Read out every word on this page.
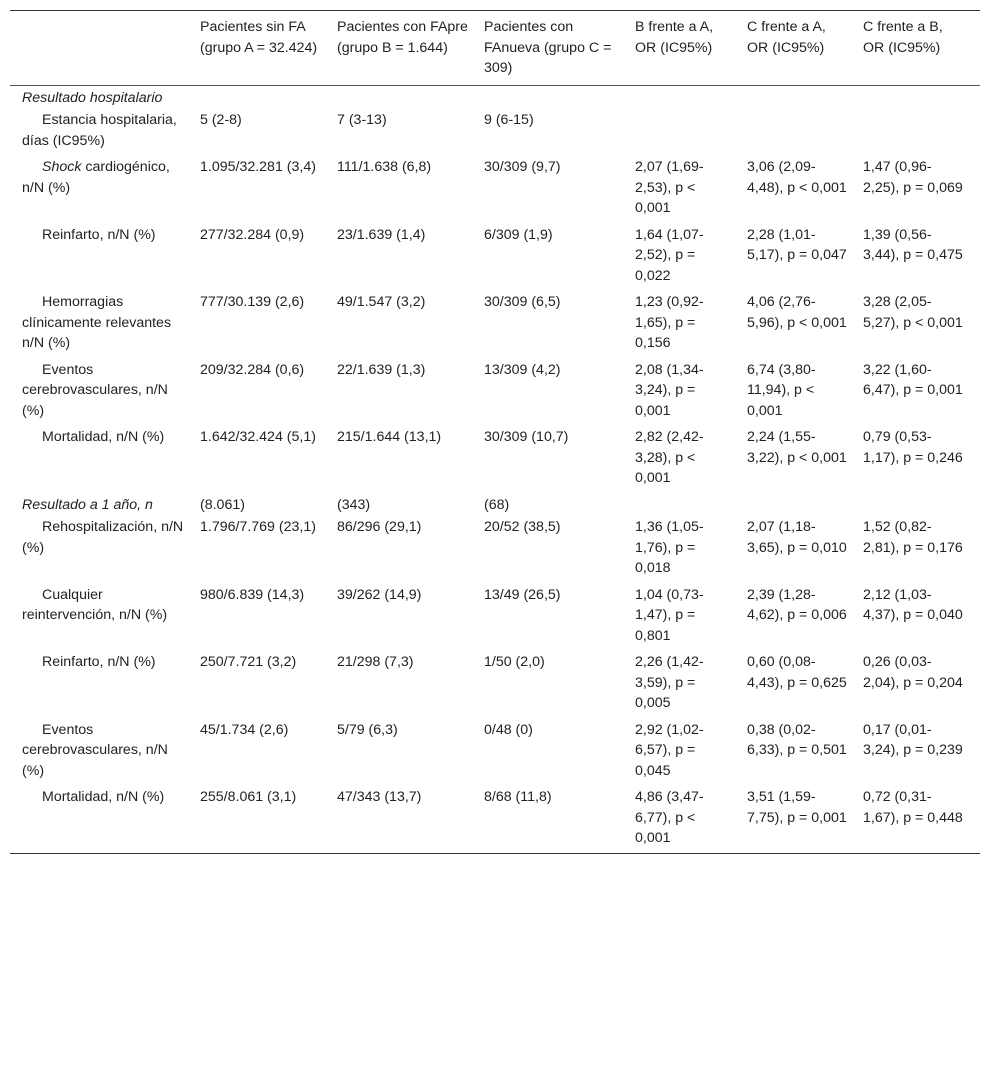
	Pacientes sin FA (grupo A = 32.424)	Pacientes con FApre (grupo B = 1.644)	Pacientes con FAnueva (grupo C = 309)	B frente a A, OR (IC95%)	C frente a A, OR (IC95%)	C frente a B, OR (IC95%)
Resultado hospitalario						
Estancia hospitalaria, días (IC95%)	5 (2-8)	7 (3-13)	9 (6-15)			
Shock cardiogénico, n/N (%)	1.095/32.281 (3,4)	111/1.638 (6,8)	30/309 (9,7)	2,07 (1,69-2,53), p < 0,001	3,06 (2,09-4,48), p < 0,001	1,47 (0,96-2,25), p = 0,069
Reinfarto, n/N (%)	277/32.284 (0,9)	23/1.639 (1,4)	6/309 (1,9)	1,64 (1,07-2,52), p = 0,022	2,28 (1,01-5,17), p = 0,047	1,39 (0,56-3,44), p = 0,475
Hemorragias clínicamente relevantes n/N (%)	777/30.139 (2,6)	49/1.547 (3,2)	30/309 (6,5)	1,23 (0,92-1,65), p = 0,156	4,06 (2,76-5,96), p < 0,001	3,28 (2,05-5,27), p < 0,001
Eventos cerebrovasculares, n/N (%)	209/32.284 (0,6)	22/1.639 (1,3)	13/309 (4,2)	2,08 (1,34-3,24), p = 0,001	6,74 (3,80-11,94), p < 0,001	3,22 (1,60-6,47), p = 0,001
Mortalidad, n/N (%)	1.642/32.424 (5,1)	215/1.644 (13,1)	30/309 (10,7)	2,82 (2,42-3,28), p < 0,001	2,24 (1,55-3,22), p < 0,001	0,79 (0,53-1,17), p = 0,246
Resultado a 1 año, n	(8.061)	(343)	(68)			
Rehospitalización, n/N (%)	1.796/7.769 (23,1)	86/296 (29,1)	20/52 (38,5)	1,36 (1,05-1,76), p = 0,018	2,07 (1,18-3,65), p = 0,010	1,52 (0,82-2,81), p = 0,176
Cualquier reintervención, n/N (%)	980/6.839 (14,3)	39/262 (14,9)	13/49 (26,5)	1,04 (0,73-1,47), p = 0,801	2,39 (1,28-4,62), p = 0,006	2,12 (1,03-4,37), p = 0,040
Reinfarto, n/N (%)	250/7.721 (3,2)	21/298 (7,3)	1/50 (2,0)	2,26 (1,42-3,59), p = 0,005	0,60 (0,08-4,43), p = 0,625	0,26 (0,03-2,04), p = 0,204
Eventos cerebrovasculares, n/N (%)	45/1.734 (2,6)	5/79 (6,3)	0/48 (0)	2,92 (1,02-6,57), p = 0,045	0,38 (0,02-6,33), p = 0,501	0,17 (0,01-3,24), p = 0,239
Mortalidad, n/N (%)	255/8.061 (3,1)	47/343 (13,7)	8/68 (11,8)	4,86 (3,47-6,77), p < 0,001	3,51 (1,59-7,75), p = 0,001	0,72 (0,31-1,67), p = 0,448
